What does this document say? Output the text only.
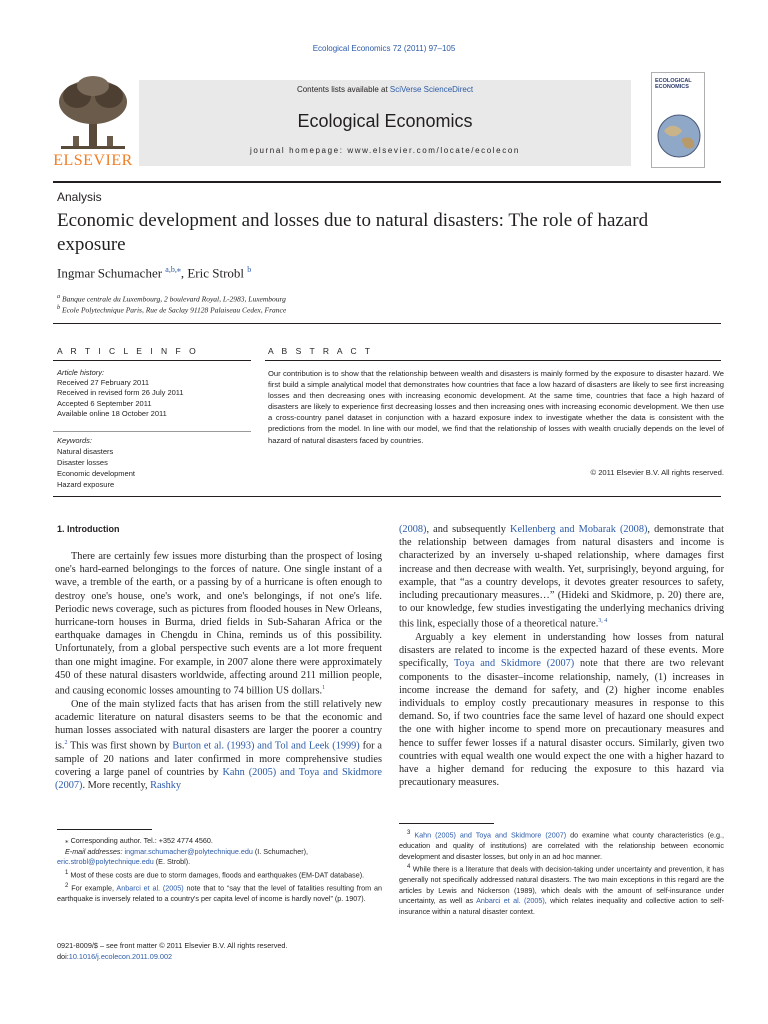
Ecological Economics 72 (2011) 97–105
ELSEVIER
Contents lists available at SciVerse ScienceDirect
Ecological Economics
journal homepage: www.elsevier.com/locate/ecolecon
ECOLOGICAL ECONOMICS
Analysis
Economic development and losses due to natural disasters: The role of hazard exposure
Ingmar Schumacher $^{a,b,⁎}$, Eric Strobl $^b$
$^a$ Banque centrale du Luxembourg, 2 boulevard Royal, L-2983, Luxembourg
$^b$ Ecole Polytechnique Paris, Rue de Saclay 91128 Palaiseau Cedex, France
A R T I C L E I N F O	A B S T R A C T
Article history:
Received 27 February 2011
Received in revised form 26 July 2011
Accepted 6 September 2011
Available online 18 October 2011
Keywords:
Natural disasters
Disaster losses
Economic development
Hazard exposure
Our contribution is to show that the relationship between wealth and disasters is mainly formed by the exposure to disaster hazard. We first build a simple analytical model that demonstrates how countries that face a low hazard of disasters are likely to see first increasing losses and then decreasing ones with increasing economic development. At the same time, countries that face a high hazard of disasters are likely to experience first decreasing losses and then increasing ones with increasing economic development. We then use a cross-country panel dataset in conjunction with a hazard exposure index to investigate whether the data is consistent with the predictions from the model. In line with our model, we find that the relationship of losses with wealth crucially depends on the level of hazard of natural disasters faced by countries.
© 2011 Elsevier B.V. All rights reserved.
1. Introduction

There are certainly few issues more disturbing than the prospect of losing one's hard-earned belongings to the forces of nature. One single instant of a wave, a tremble of the earth, or a passing by of a hurricane is often enough to destroy one's house, one's work, and one's belongings, if not one's life. Periodic news coverage, such as pictures from flooded houses in New Orleans, hurricane-torn houses in Burma, dried fields in Sub-Saharan Africa or the earthquake damages in Chengdu in China, reminds us of this possibility. Unfortunately, from a global perspective such events are a lot more frequent than one might imagine. For example, in 2007 alone there were approximately 450 of these natural disasters worldwide, affecting around 211 million people, and causing economic losses amounting to 74 billion US dollars.$^1$

One of the main stylized facts that has arisen from the still relatively new academic literature on natural disasters seems to be that the economic and human losses associated with natural disasters are larger the poorer a country is.$^2$ This was first shown by Burton et al. (1993) and Tol and Leek (1999) for a sample of 20 nations and later confirmed in more comprehensive studies covering a large panel of countries by Kahn (2005) and Toya and Skidmore (2007). More recently, Rashky

(2008), and subsequently Kellenberg and Mobarak (2008), demonstrate that the relationship between damages from natural disasters and income is characterized by an inversely u-shaped relationship, where damages first increase and then decrease with wealth. Yet, surprisingly, beyond arguing, for example, that “as a country develops, it devotes greater resources to safety, including precautionary measures…” (Hideki and Skidmore, p. 20) there are, to our knowledge, few studies investigating the underlying mechanics driving this link, especially those of a theoretical nature.$^{3, 4}$

Arguably a key element in understanding how losses from natural disasters are related to income is the expected hazard of these events. More specifically, Toya and Skidmore (2007) note that there are two relevant components to the disaster–income relationship, namely, (1) increases in income increase the demand for safety, and (2) higher income enables individuals to employ costly precautionary measures in response to this demand. So, if two countries face the same level of hazard one should expect the one with higher income to spend more on precautionary measures and hence to suffer fewer losses if a natural disaster occurs. Similarly, given two countries with equal wealth one would expect the one with a higher hazard to have a higher demand for reducing the exposure to this hazard via precautionary measures.

⁎ Corresponding author. Tel.: +352 4774 4560.

E-mail addresses: ingmar.schumacher@polytechnique.edu (I. Schumacher),
eric.strobl@polytechnique.edu (E. Strobl).

$^1$ Most of these costs are due to storm damages, floods and earthquakes (EM-DAT database).

$^2$ For example, Anbarci et al. (2005) note that to “say that the level of fatalities resulting from an earthquake is inversely related to a country's per capita level of income is hardly novel” (p. 1907).

$^3$ Kahn (2005) and Toya and Skidmore (2007) do examine what county characteristics (e.g., education and quality of institutions) are correlated with the relationship between economic development and disaster losses, but only in an ad hoc manner.

$^4$ While there is a literature that deals with decision-taking under uncertainty and prevention, it has generally not specifically addressed natural disasters. The two main exceptions in this regard are the articles by Lewis and Nickerson (1989), which deals with the amount of self-insurance under uncertainty, as well as Anbarci et al. (2005), which relates inequality and collective action to self-insurance within a natural disaster context.

0921-8009/$ – see front matter © 2011 Elsevier B.V. All rights reserved.
doi:10.1016/j.ecolecon.2011.09.002
